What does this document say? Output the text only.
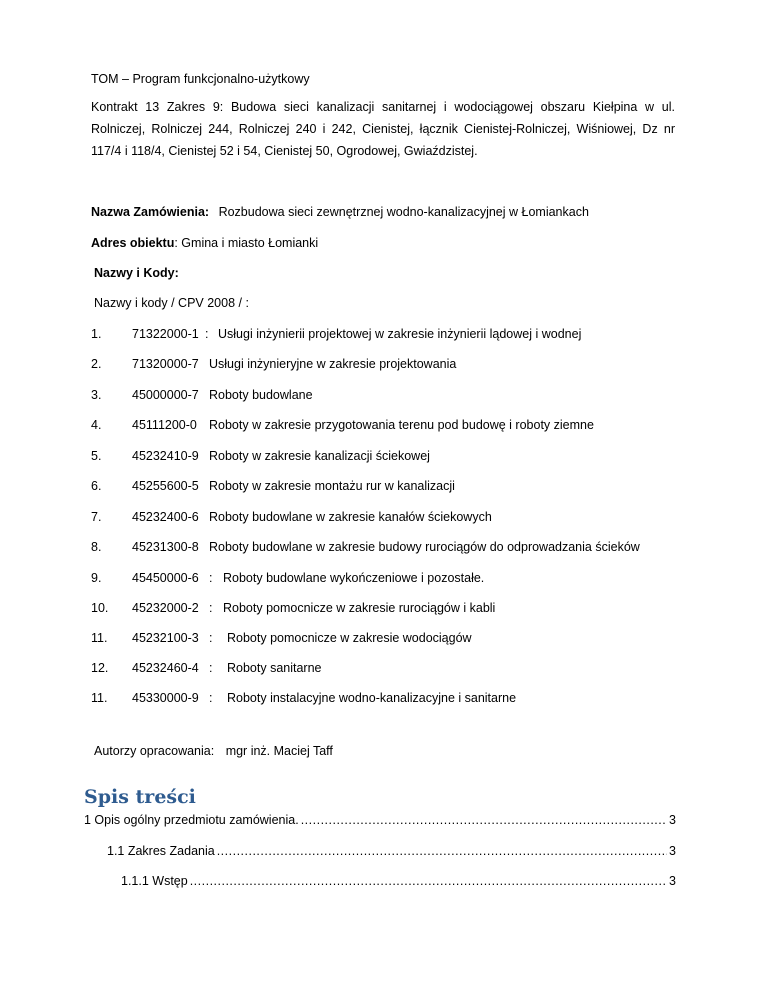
TOM – Program funkcjonalno-użytkowy
Kontrakt 13 Zakres 9: Budowa sieci kanalizacji sanitarnej i wodociągowej obszaru Kiełpina w ul. Rolniczej, Rolniczej 244, Rolniczej 240 i 242, Cienistej, łącznik Cienistej-Rolniczej, Wiśniowej, Dz nr 117/4 i 118/4, Cienistej 52 i 54, Cienistej 50, Ogrodowej, Gwiaździstej.
Nazwa Zamówienia: Rozbudowa sieci zewnętrznej wodno-kanalizacyjnej w Łomiankach
Adres obiektu: Gmina i miasto Łomianki
Nazwy i Kody:
Nazwy i kody / CPV 2008 / :
1. 71322000-1 : Usługi inżynierii projektowej w zakresie inżynierii lądowej i wodnej
2. 71320000-7 Usługi inżynieryjne w zakresie projektowania
3. 45000000-7 Roboty budowlane
4. 45111200-0 Roboty w zakresie przygotowania terenu pod budowę i roboty ziemne
5. 45232410-9 Roboty w zakresie kanalizacji ściekowej
6. 45255600-5 Roboty w zakresie montażu rur w kanalizacji
7. 45232400-6 Roboty budowlane w zakresie kanałów ściekowych
8. 45231300-8 Roboty budowlane w zakresie budowy rurociągów do odprowadzania ścieków
9. 45450000-6 : Roboty budowlane wykończeniowe i pozostałe.
10. 45232000-2 : Roboty pomocnicze w zakresie rurociągów i kabli
11. 45232100-3 : Roboty pomocnicze w zakresie wodociągów
12. 45232460-4 : Roboty sanitarne
11. 45330000-9 : Roboty instalacyjne wodno-kanalizacyjne i sanitarne
Autorzy opracowania: mgr inż. Maciej Taff
Spis treści
1 Opis ogólny przedmiotu zamówienia. .....	3
1.1 Zakres Zadania .....	3
1.1.1 Wstęp .....	3
